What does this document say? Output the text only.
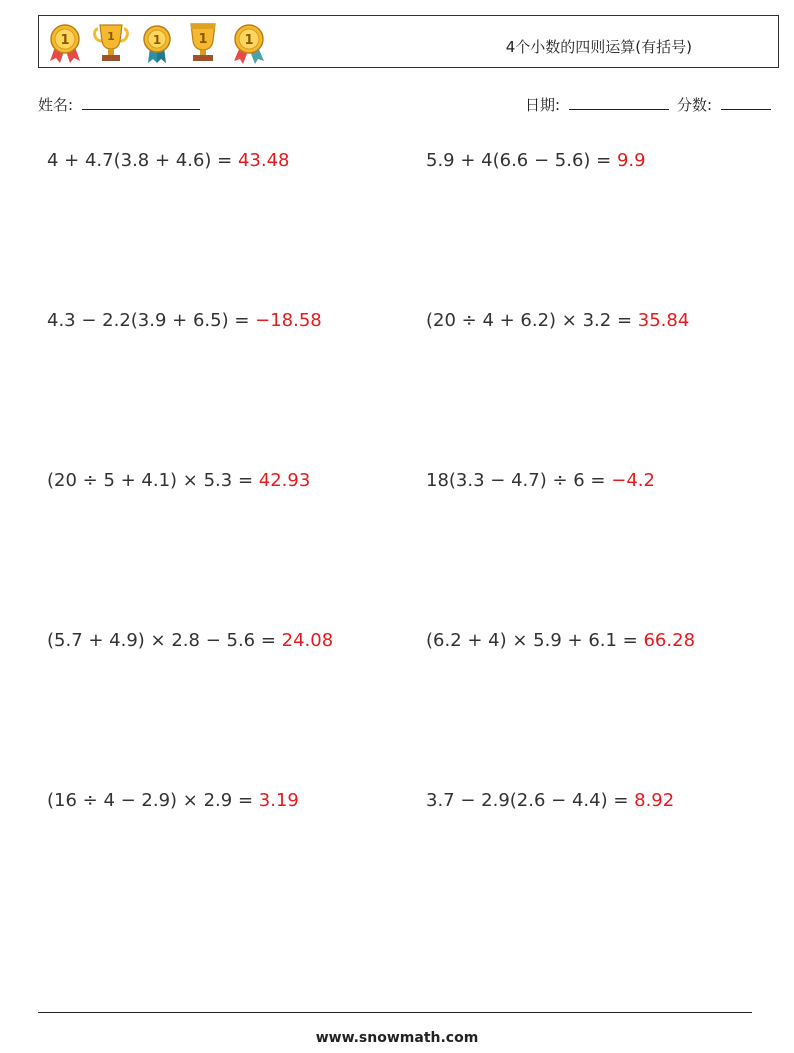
1	1	1	1	1	4个小数的四则运算(有括号)
姓名:	日期:	分数:
4 + 4.7(3.8 + 4.6) = 43.48	5.9 + 4(6.6 − 5.6) = 9.9
4.3 − 2.2(3.9 + 6.5) = −18.58	(20 ÷ 4 + 6.2) × 3.2 = 35.84
(20 ÷ 5 + 4.1) × 5.3 = 42.93	18(3.3 − 4.7) ÷ 6 = −4.2
(5.7 + 4.9) × 2.8 − 5.6 = 24.08	(6.2 + 4) × 5.9 + 6.1 = 66.28
(16 ÷ 4 − 2.9) × 2.9 = 3.19	3.7 − 2.9(2.6 − 4.4) = 8.92
www.snowmath.com
